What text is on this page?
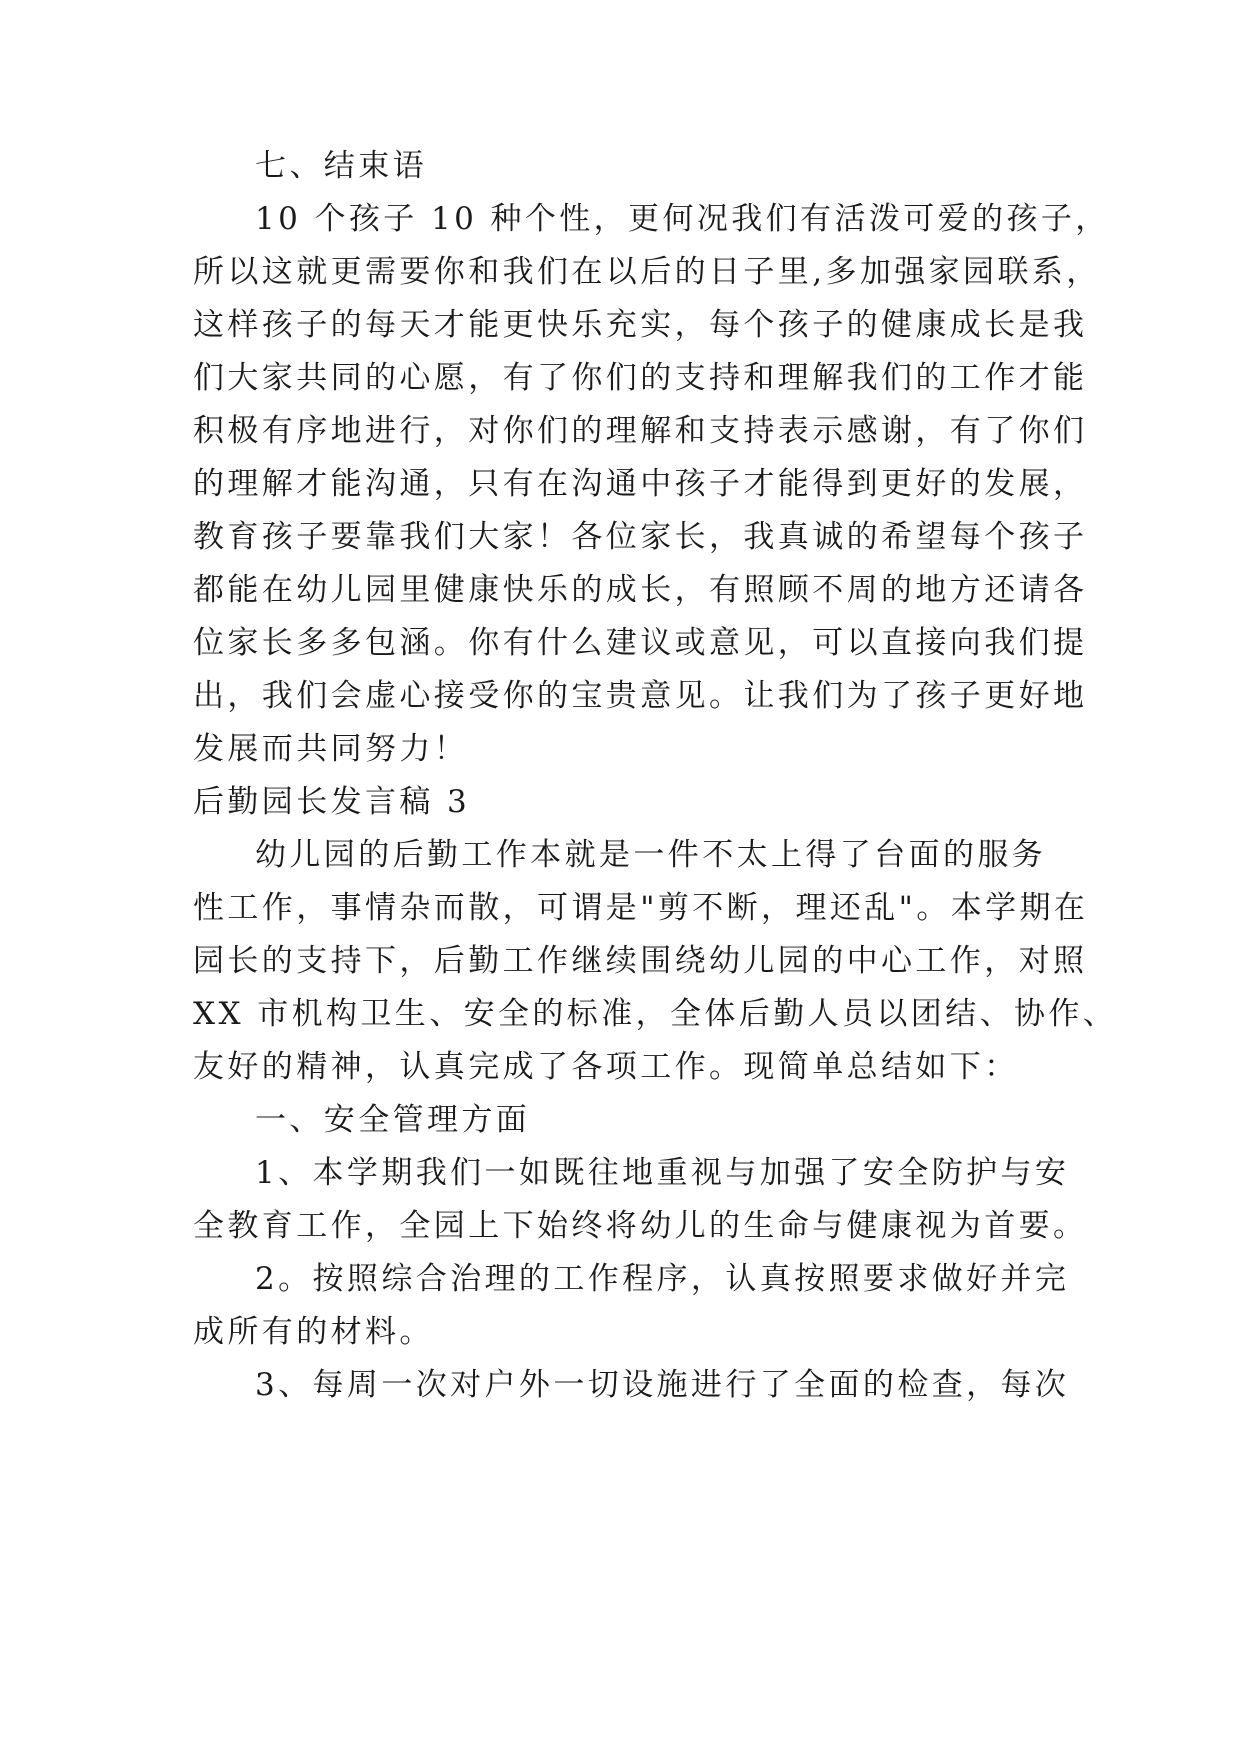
七、结束语
10 个孩子 10 种个性，更何况我们有活泼可爱的孩子，
所以这就更需要你和我们在以后的日子里,多加强家园联系，
这样孩子的每天才能更快乐充实，每个孩子的健康成长是我
们大家共同的心愿，有了你们的支持和理解我们的工作才能
积极有序地进行，对你们的理解和支持表示感谢，有了你们
的理解才能沟通，只有在沟通中孩子才能得到更好的发展，
教育孩子要靠我们大家！各位家长，我真诚的希望每个孩子
都能在幼儿园里健康快乐的成长，有照顾不周的地方还请各
位家长多多包涵。你有什么建议或意见，可以直接向我们提
出，我们会虚心接受你的宝贵意见。让我们为了孩子更好地
发展而共同努力！
后勤园长发言稿 3
幼儿园的后勤工作本就是一件不太上得了台面的服务
性工作，事情杂而散，可谓是"剪不断，理还乱"。本学期在
园长的支持下，后勤工作继续围绕幼儿园的中心工作，对照
XX 市机构卫生、安全的标准，全体后勤人员以团结、协作、
友好的精神，认真完成了各项工作。现简单总结如下：
一、安全管理方面
1、本学期我们一如既往地重视与加强了安全防护与安
全教育工作，全园上下始终将幼儿的生命与健康视为首要。
2。按照综合治理的工作程序，认真按照要求做好并完
成所有的材料。
3、每周一次对户外一切设施进行了全面的检查，每次
